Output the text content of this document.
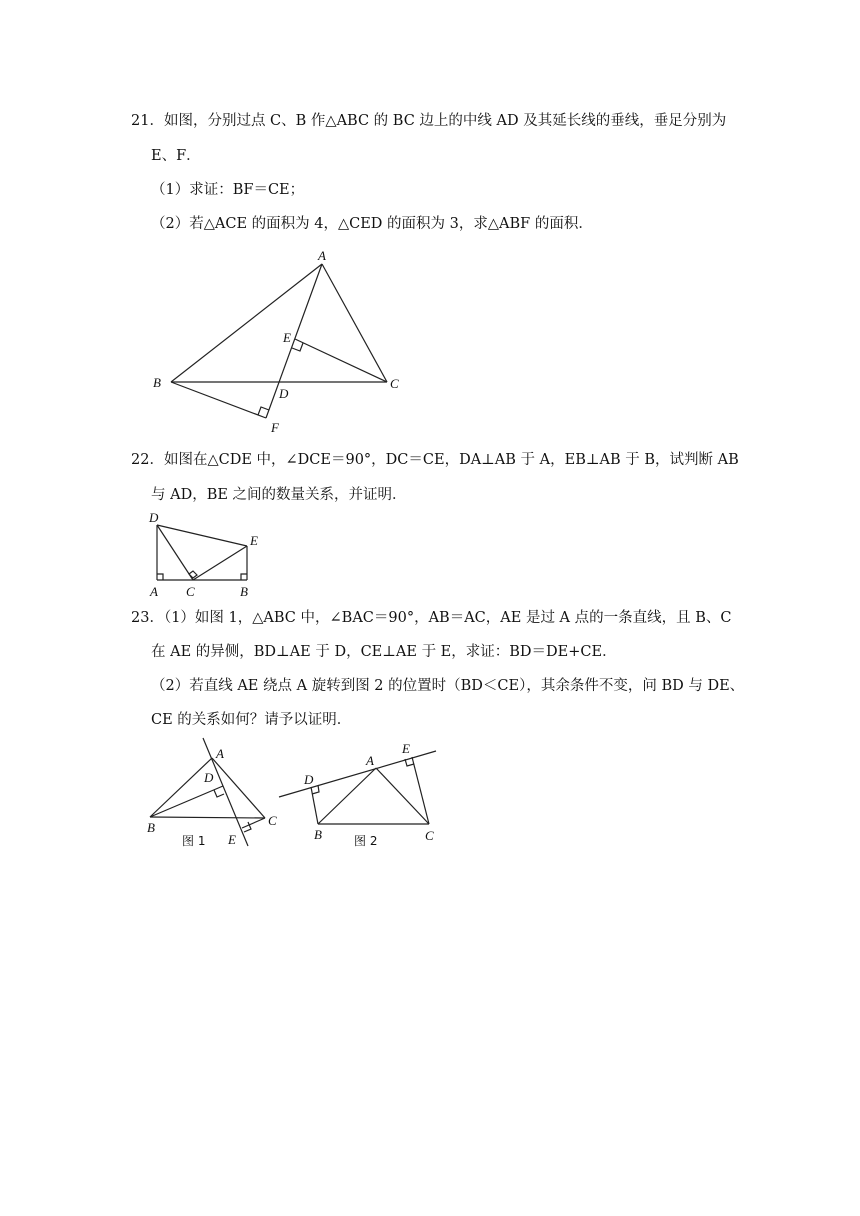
21．如图，分别过点 C、B 作△ABC 的 BC 边上的中线 AD 及其延长线的垂线，垂足分别为
E、F．
（1）求证：BF＝CE；
（2）若△ACE 的面积为 4，△CED 的面积为 3，求△ABF 的面积．
A
B	C
D
E
F
22．如图在△CDE 中，∠DCE＝90°，DC＝CE，DA⊥AB 于 A，EB⊥AB 于 B，试判断 AB
与 AD，BE 之间的数量关系，并证明．
D
E
A C	B
23．（1）如图 1，△ABC 中，∠BAC＝90°，AB＝AC，AE 是过 A 点的一条直线，且 B、C
在 AE 的异侧，BD⊥AE 于 D，CE⊥AE 于 E，求证：BD＝DE+CE．
（2）若直线 AE 绕点 A 旋转到图 2 的位置时（BD＜CE），其余条件不变，问 BD 与 DE、
CE 的关系如何？请予以证明．
A
D
B
E
C
图 1
A
E
D
B	C
图 2
